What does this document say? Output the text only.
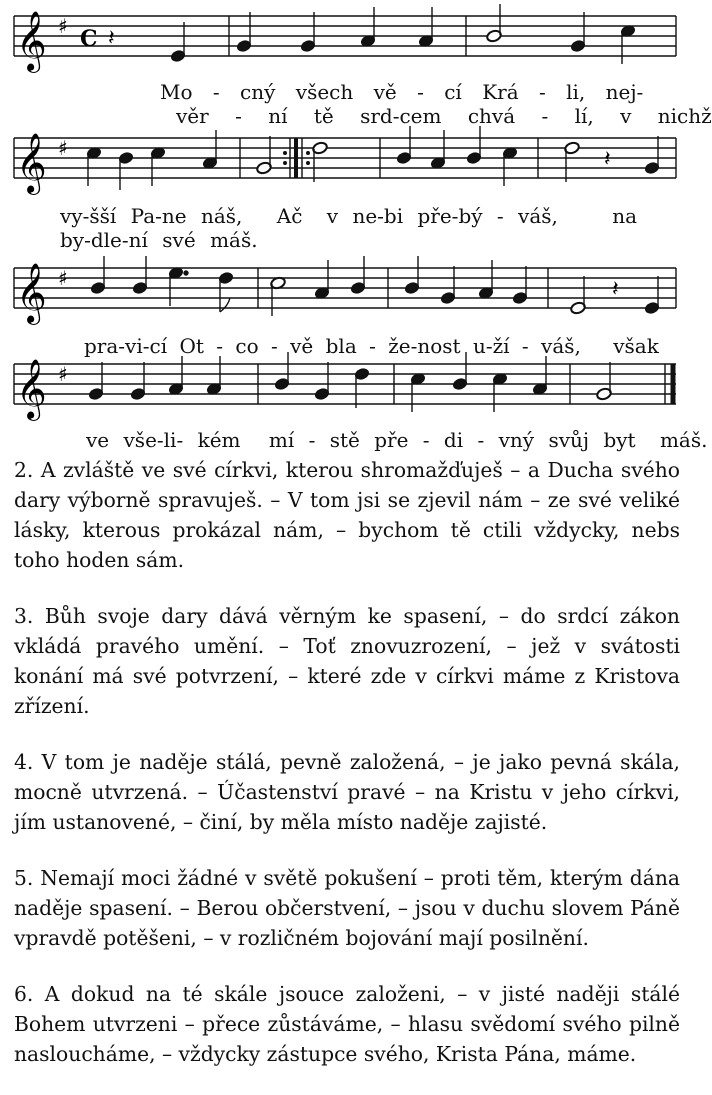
𝄞 ♯ C 𝄽
Mo - cný všech vě - cí Krá - li, nej-
věr - ní tě srd-cem chvá - lí, v nichž
𝄞 ♯	𝄽
vy-šší Pa-ne náš, Ač v ne-bi pře-bý - váš,	na
by-dle-ní své máš.
𝄞 ♯	𝄽
pra-vi-cí Ot - co - vě bla - že-nost u-ží - váš, však
𝄞 ♯
ve vše-li- kém mí - stě pře - di - vný svůj byt máš.

2. A zvláště ve své církvi, kterou shromažďuješ – a Ducha svého dary výborně spravuješ. – V tom jsi se zjevil nám – ze své veliké lásky, kterous prokázal nám, – bychom tě ctili vždycky, nebs toho hoden sám.

3. Bůh svoje dary dává věrným ke spasení, – do srdcí zákon vkládá pravého umění. – Toť znovuzrození, – jež v svátosti konání má své potvrzení, – které zde v církvi máme z Kristova zřízení.

4. V tom je naděje stálá, pevně založená, – je jako pevná skála, mocně utvrzená. – Účastenství pravé – na Kristu v jeho církvi, jím ustanovené, – činí, by měla místo naděje zajisté.

5. Nemají moci žádné v světě pokušení – proti těm, kterým dána naděje spasení. – Berou občerstvení, – jsou v duchu slovem Páně vpravdě potěšeni, – v rozličném bojování mají posilnění.

6. A dokud na té skále jsouce založeni, – v jisté naději stálé Bohem utvrzeni – přece zůstáváme, – hlasu svědomí svého pilně nasloucháme, – vždycky zástupce svého, Krista Pána, máme.
